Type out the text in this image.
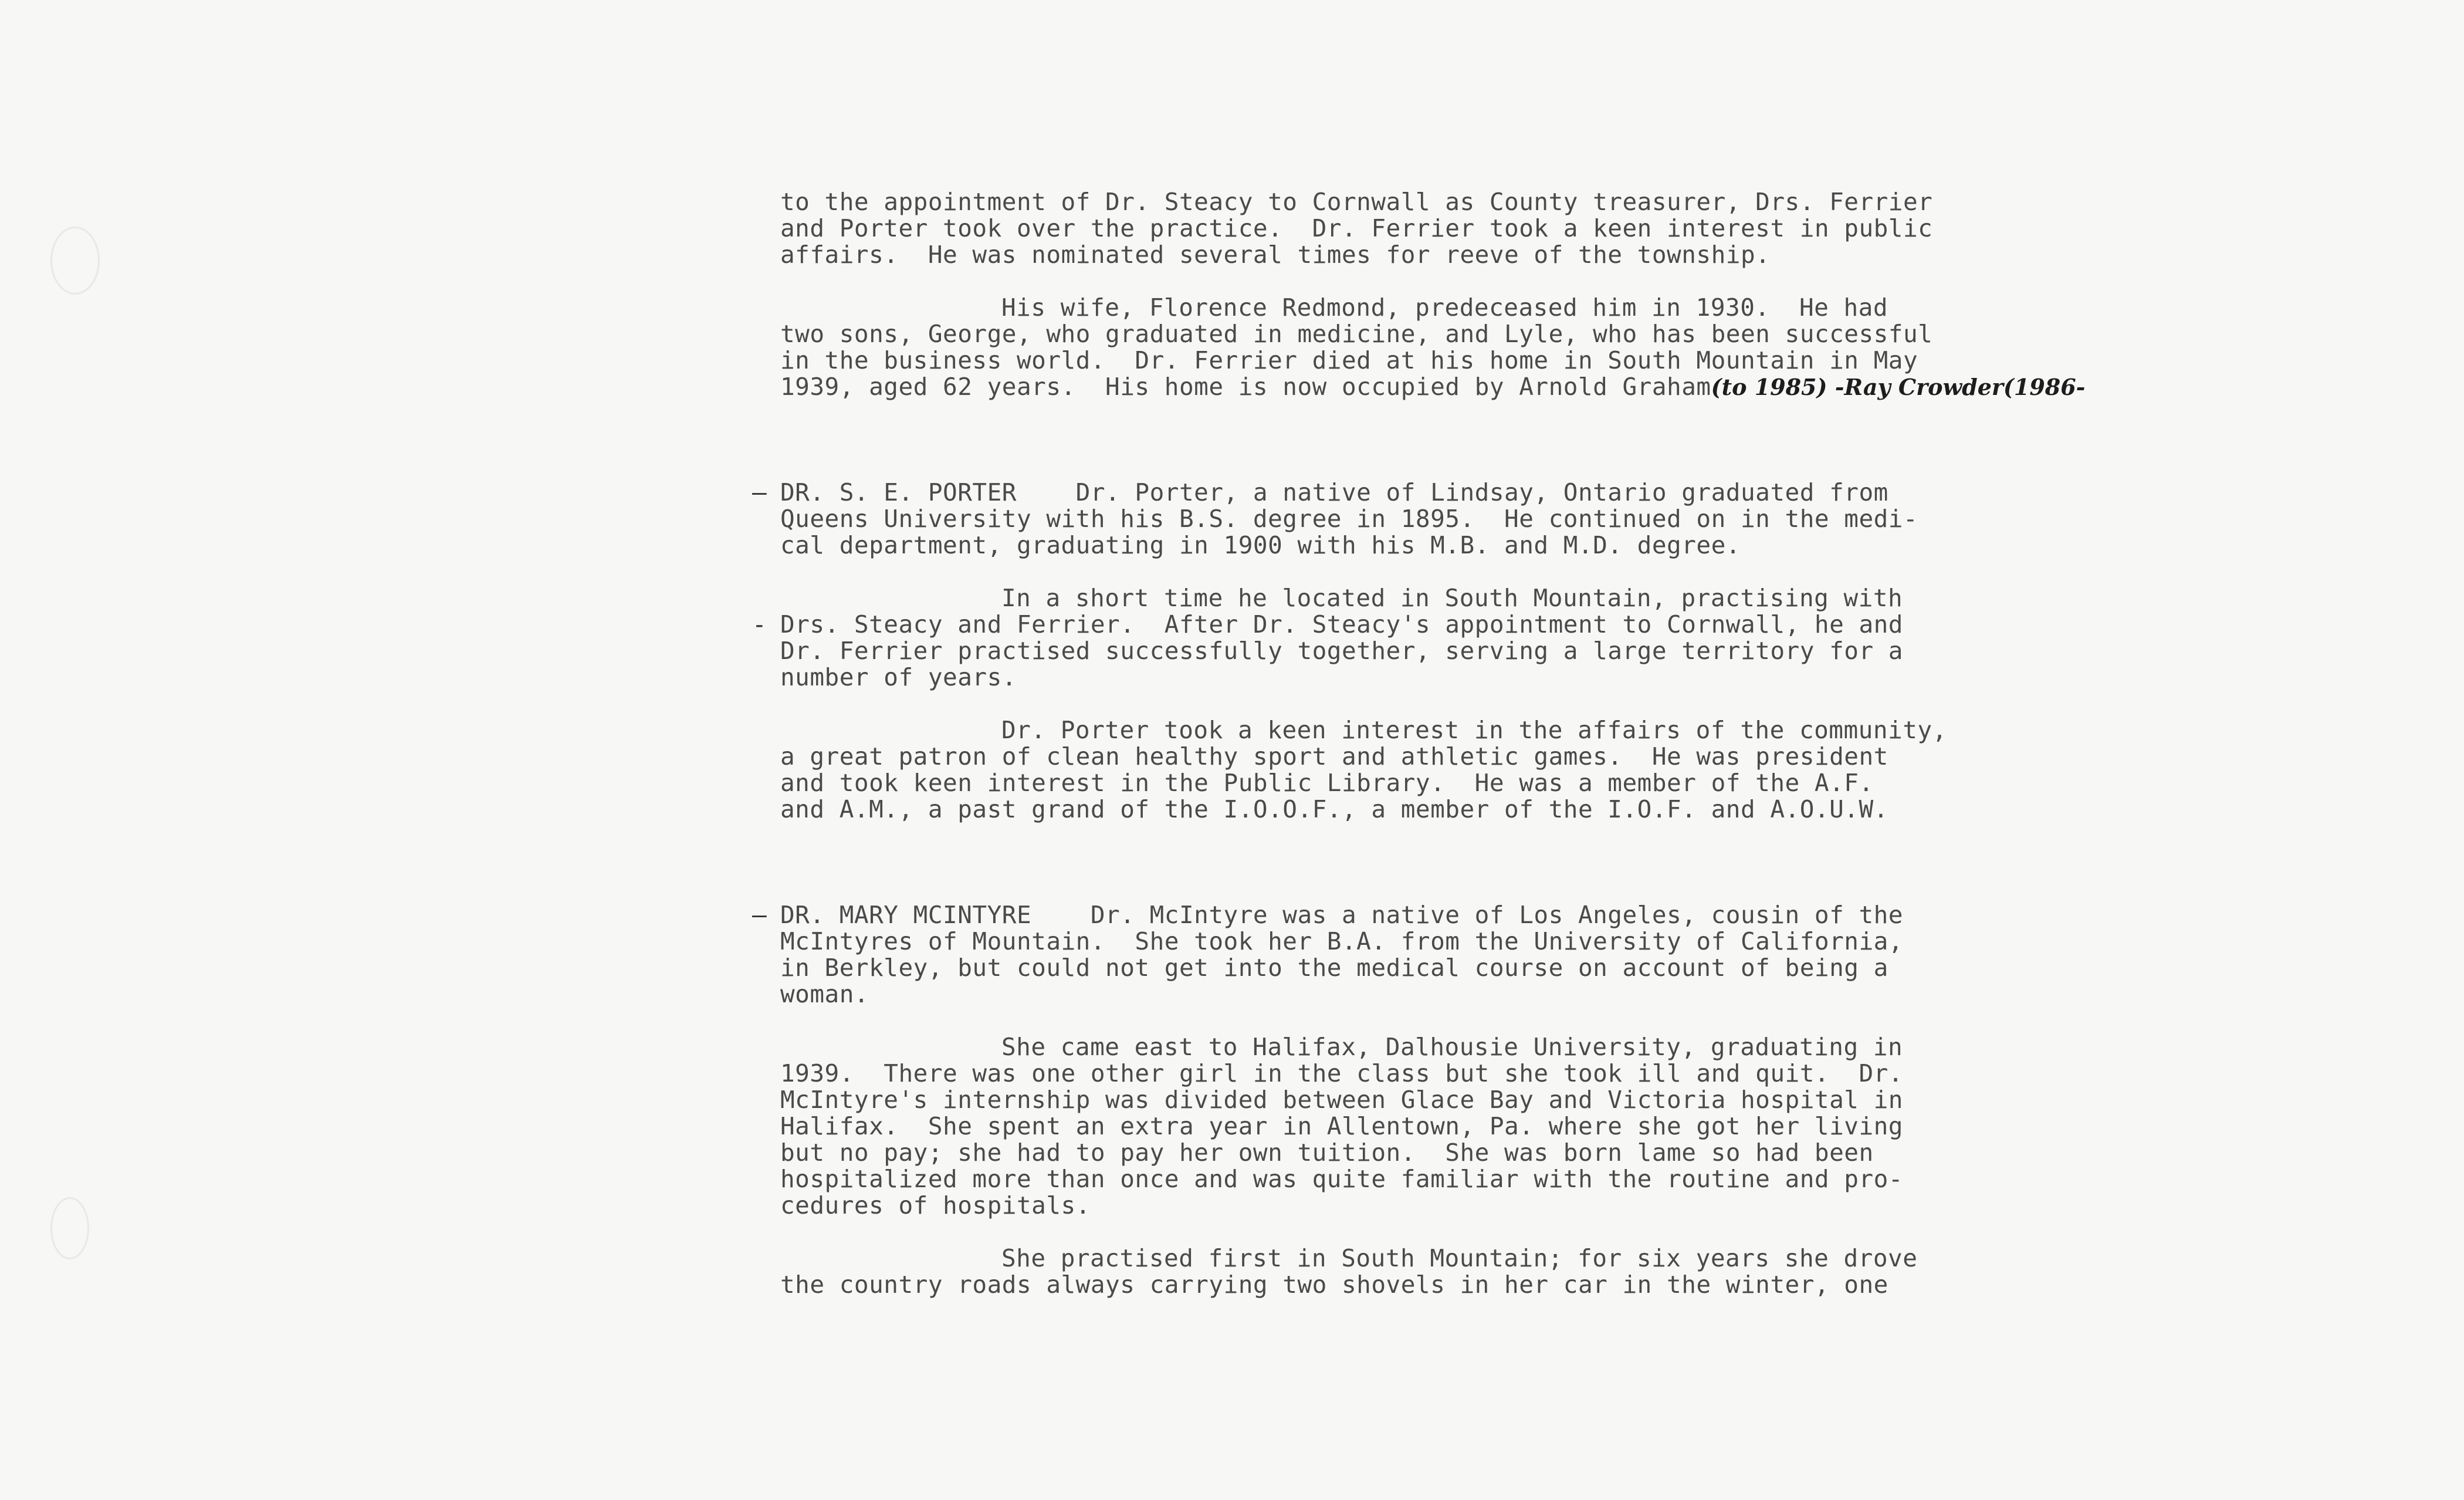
to the appointment of Dr. Steacy to Cornwall as County treasurer, Drs. Ferrier
and Porter took over the practice.  Dr. Ferrier took a keen interest in public
affairs.  He was nominated several times for reeve of the township.
His wife, Florence Redmond, predeceased him in 1930.  He had
two sons, George, who graduated in medicine, and Lyle, who has been successful
in the business world.  Dr. Ferrier died at his home in South Mountain in May
1939, aged 62 years.  His home is now occupied by Arnold Graham(to 1985) -Ray Crowder(1986-
— DR. S. E. PORTER    Dr. Porter, a native of Lindsay, Ontario graduated from
Queens University with his B.S. degree in 1895.  He continued on in the medi-
cal department, graduating in 1900 with his M.B. and M.D. degree.
In a short time he located in South Mountain, practising with
- Drs. Steacy and Ferrier.  After Dr. Steacy's appointment to Cornwall, he and
Dr. Ferrier practised successfully together, serving a large territory for a
number of years.
Dr. Porter took a keen interest in the affairs of the community,
a great patron of clean healthy sport and athletic games.  He was president
and took keen interest in the Public Library.  He was a member of the A.F.
and A.M., a past grand of the I.O.O.F., a member of the I.O.F. and A.O.U.W.
— DR. MARY MCINTYRE    Dr. McIntyre was a native of Los Angeles, cousin of the
McIntyres of Mountain.  She took her B.A. from the University of California,
in Berkley, but could not get into the medical course on account of being a
woman.
She came east to Halifax, Dalhousie University, graduating in
1939.  There was one other girl in the class but she took ill and quit.  Dr.
McIntyre's internship was divided between Glace Bay and Victoria hospital in
Halifax.  She spent an extra year in Allentown, Pa. where she got her living
but no pay; she had to pay her own tuition.  She was born lame so had been
hospitalized more than once and was quite familiar with the routine and pro-
cedures of hospitals.
She practised first in South Mountain; for six years she drove
the country roads always carrying two shovels in her car in the winter, one
